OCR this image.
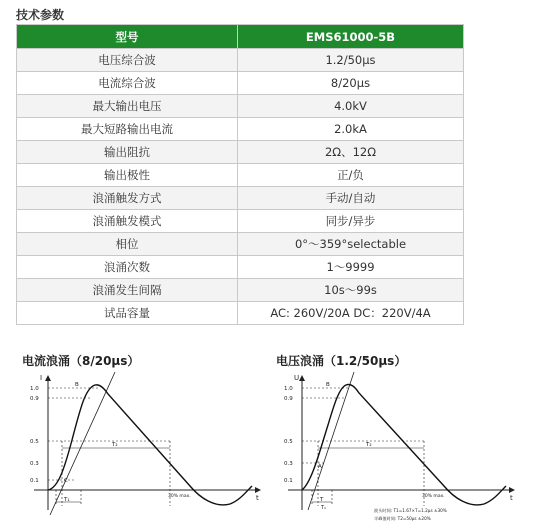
技术参数
型号	EMS61000-5B
电压综合波	1.2/50μs
电流综合波	8/20μs
最大输出电压	4.0kV
最大短路输出电流	2.0kA
输出阻抗	2Ω、12Ω
输出极性	正/负
浪涌触发方式	手动/自动
浪涌触发模式	同步/异步
相位	0°～359°selectable
浪涌次数	1～9999
浪涌发生间隔	10s～99s
试品容量	AC: 260V/20A DC：220V/4A
电流浪涌（8/20μs）
I
t
1.0
0.9
0.5
0.3
0.1
B
C
T₁
T₂
30% max.
电压浪涌（1.2/50μs）
U
t
1.0
0.9
0.5
0.3
0.1
B
A
T
T₁
T₂
30% max.
波头时间: T1=1.67×T=1.2μs ±30%
半峰值时间: T2=50μs ±20%
